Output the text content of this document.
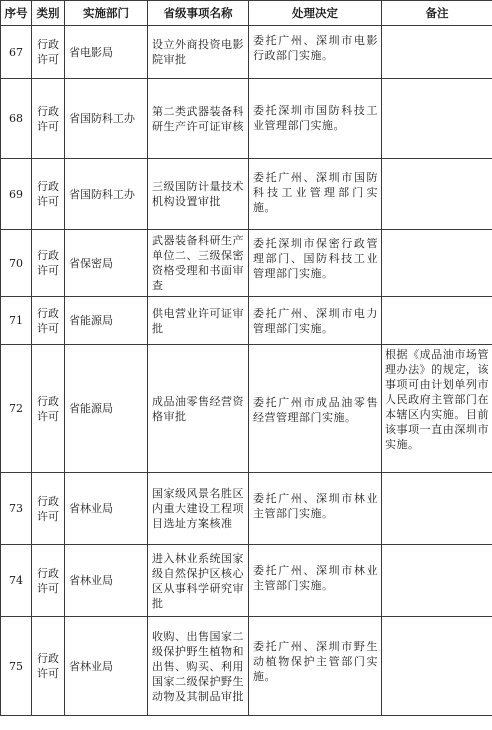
序号	类别	实施部门	省级事项名称	处理决定	备注
67	行政许可	省电影局	设立外商投资电影院审批	委托广州、深圳市电影行政部门实施。	
68	行政许可	省国防科工办	第二类武器装备科研生产许可证审核	委托深圳市国防科技工业管理部门实施。	
69	行政许可	省国防科工办	三级国防计量技术机构设置审批	委托广州、深圳市国防科技工业管理部门实施。	
70	行政许可	省保密局	武器装备科研生产单位二、三级保密资格受理和书面审查	委托深圳市保密行政管理部门、国防科技工业管理部门实施。	
71	行政许可	省能源局	供电营业许可证审批	委托广州、深圳市电力管理部门实施。	
72	行政许可	省能源局	成品油零售经营资格审批	委托广州市成品油零售经营管理部门实施。	根据《成品油市场管理办法》的规定，该事项可由计划单列市人民政府主管部门在本辖区内实施。目前该事项一直由深圳市实施。
73	行政许可	省林业局	国家级风景名胜区内重大建设工程项目选址方案核准	委托广州、深圳市林业主管部门实施。	
74	行政许可	省林业局	进入林业系统国家级自然保护区核心区从事科学研究审批	委托广州、深圳市林业主管部门实施。	
75	行政许可	省林业局	收购、出售国家二级保护野生植物和出售、购买、利用国家二级保护野生动物及其制品审批	委托广州、深圳市野生动植物保护主管部门实施。	
